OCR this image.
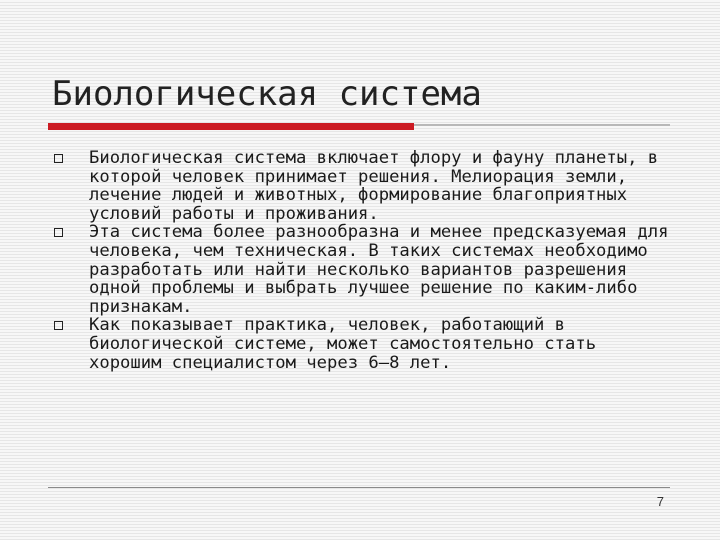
Биологическая система
Биологическая система включает флору и фауну планеты, в которой человек принимает решения. Мелиорация земли, лечение людей и животных, формирование благоприятных условий работы и проживания.
Эта система более разнообразна и менее предсказуемая для человека, чем техническая. В таких системах необходимо разработать или найти несколько вариантов разрешения одной проблемы и выбрать лучшее решение по каким-либо признакам.
Как показывает практика, человек, работающий в биологической системе, может самостоятельно стать хорошим специалистом через 6—8 лет.
7
